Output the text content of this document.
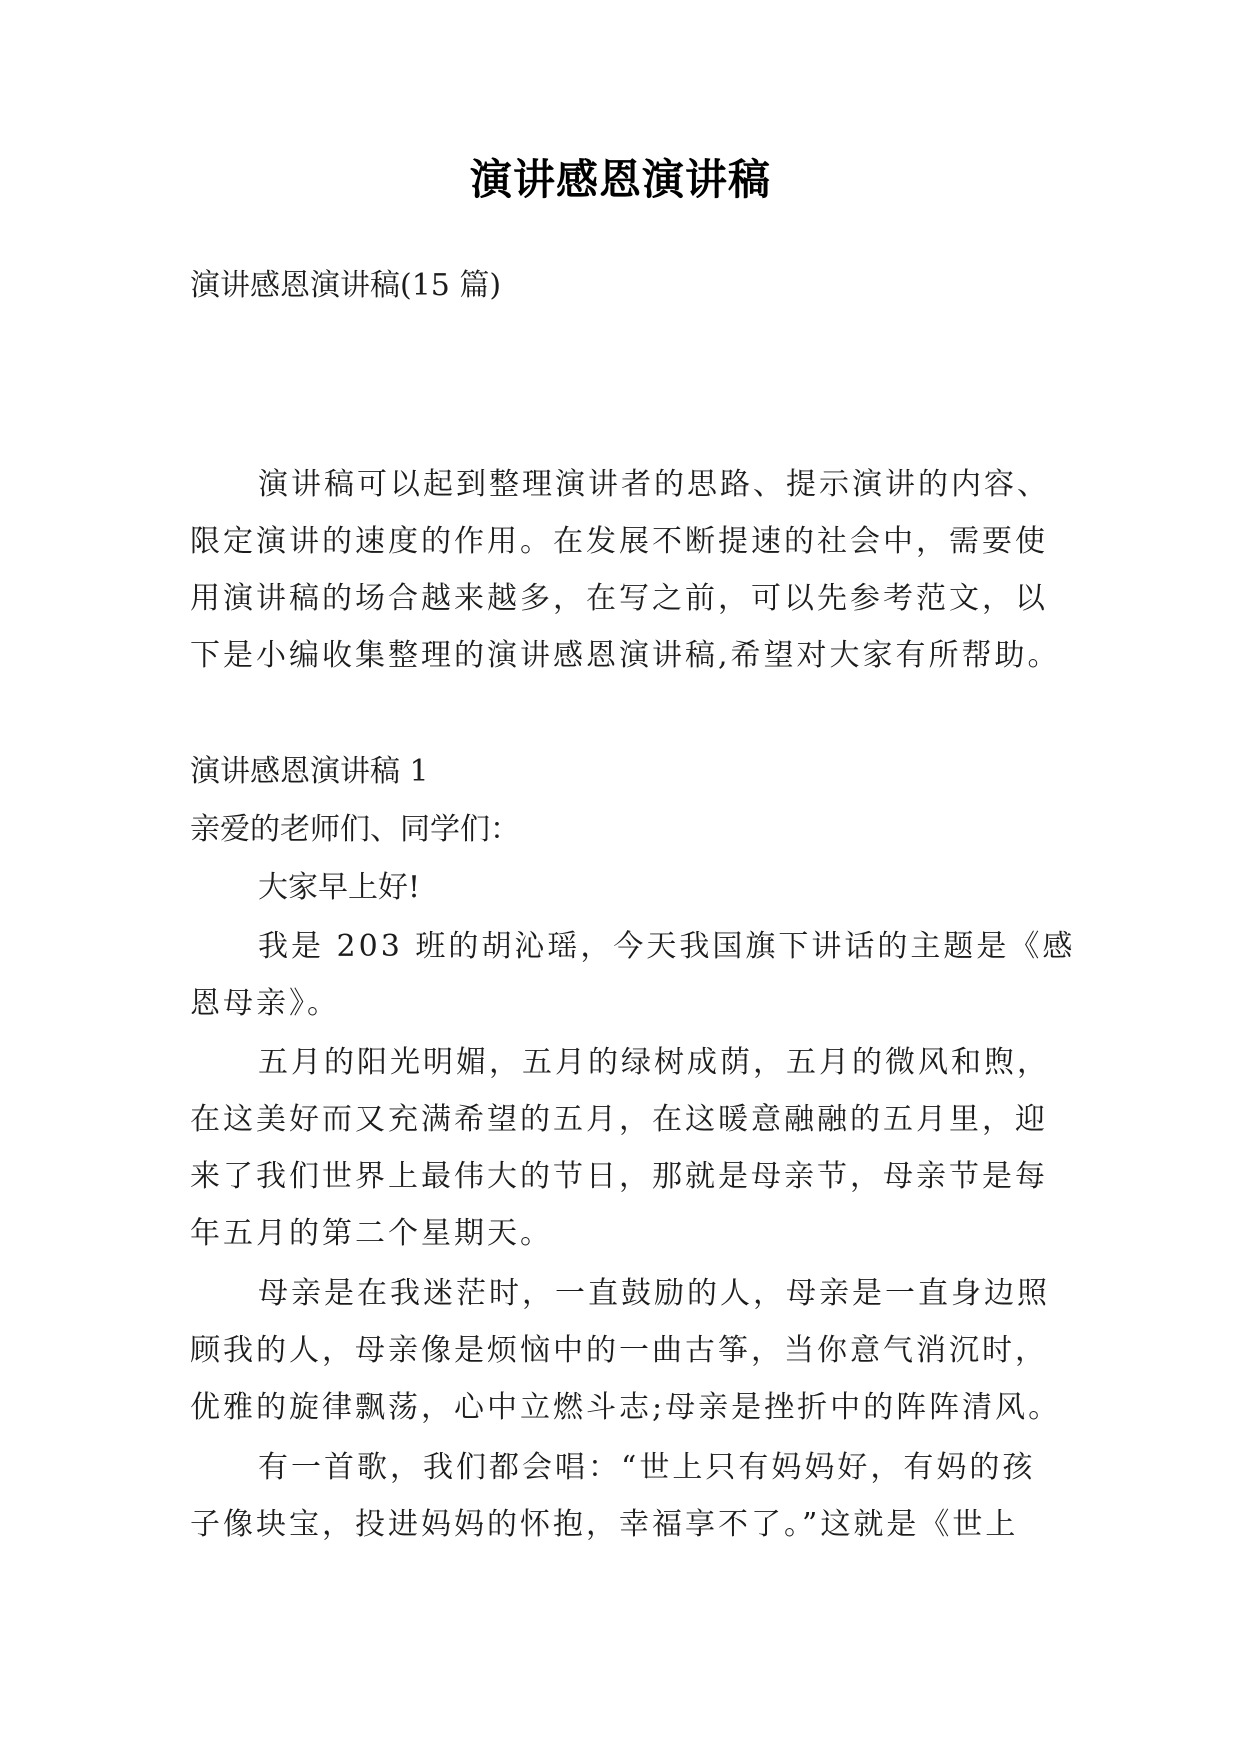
演讲感恩演讲稿
演讲感恩演讲稿(15 篇)
演讲稿可以起到整理演讲者的思路、提示演讲的内容、
限定演讲的速度的作用。在发展不断提速的社会中，需要使
用演讲稿的场合越来越多，在写之前，可以先参考范文，以
下是小编收集整理的演讲感恩演讲稿,希望对大家有所帮助。
演讲感恩演讲稿 1
亲爱的老师们、同学们：
大家早上好!
我是 203 班的胡沁瑶，今天我国旗下讲话的主题是《感
恩母亲》。
五月的阳光明媚，五月的绿树成荫，五月的微风和煦，
在这美好而又充满希望的五月，在这暖意融融的五月里，迎
来了我们世界上最伟大的节日，那就是母亲节，母亲节是每
年五月的第二个星期天。
母亲是在我迷茫时，一直鼓励的人，母亲是一直身边照
顾我的人，母亲像是烦恼中的一曲古筝，当你意气消沉时，
优雅的旋律飘荡，心中立燃斗志;母亲是挫折中的阵阵清风。
有一首歌，我们都会唱：“世上只有妈妈好，有妈的孩
子像块宝，投进妈妈的怀抱，幸福享不了。”这就是《世上
